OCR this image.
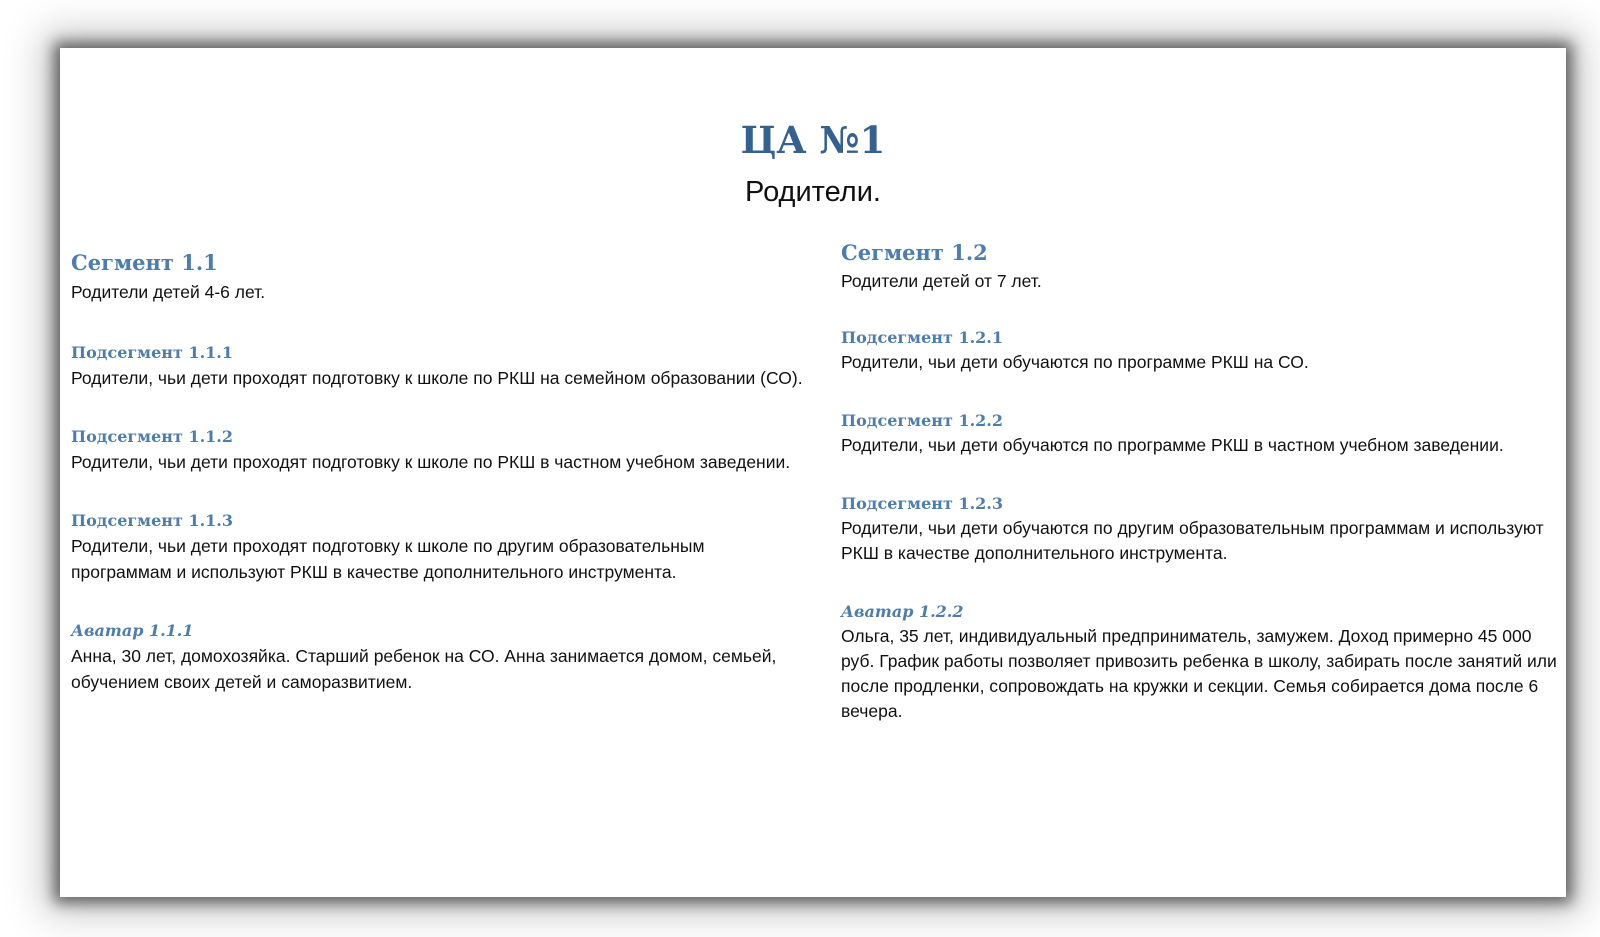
ЦА №1

Родители.

Сегмент 1.1

Родители детей 4-6 лет.

Подсегмент 1.1.1

Родители, чьи дети проходят подготовку к школе по РКШ на семейном образовании (СО).

Подсегмент 1.1.2

Родители, чьи дети проходят подготовку к школе по РКШ в частном учебном заведении.

Подсегмент 1.1.3

Родители, чьи дети проходят подготовку к школе по другим образовательным программам и используют РКШ в качестве дополнительного инструмента.

Аватар 1.1.1

Анна, 30 лет, домохозяйка. Старший ребенок на СО. Анна занимается домом, семьей, обучением своих детей и саморазвитием.

Сегмент 1.2

Родители детей от 7 лет.

Подсегмент 1.2.1

Родители, чьи дети обучаются по программе РКШ на СО.

Подсегмент 1.2.2

Родители, чьи дети обучаются по программе РКШ в частном учебном заведении.

Подсегмент 1.2.3

Родители, чьи дети обучаются по другим образовательным программам и используют РКШ в качестве дополнительного инструмента.

Аватар 1.2.2

Ольга, 35 лет, индивидуальный предприниматель, замужем. Доход примерно 45 000 руб. График работы позволяет привозить ребенка в школу, забирать после занятий или после продленки, сопровождать на кружки и секции. Семья собирается дома после 6 вечера.
